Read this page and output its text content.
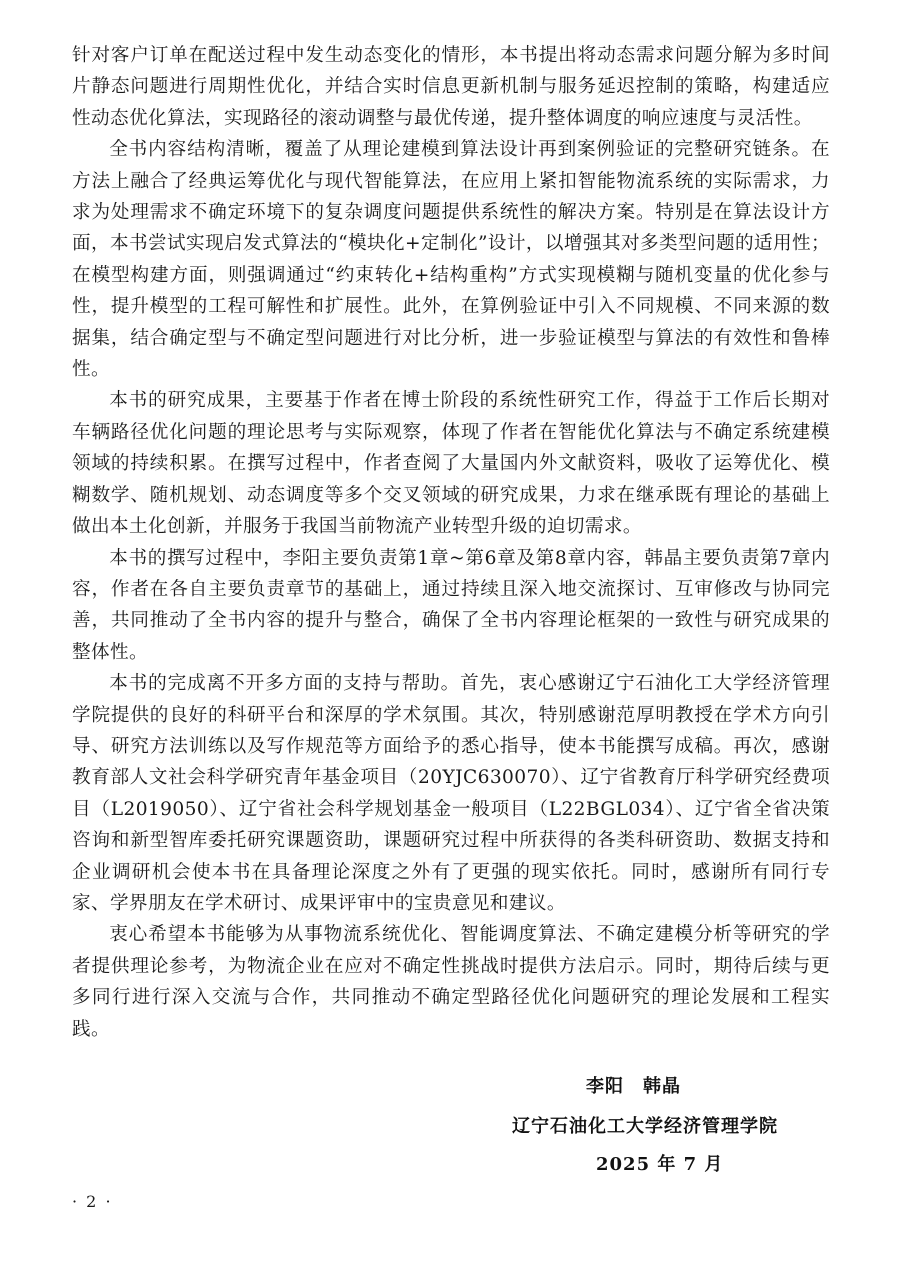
针对客户订单在配送过程中发生动态变化的情形，本书提出将动态需求问题分解为多时间片静态问题进行周期性优化，并结合实时信息更新机制与服务延迟控制的策略，构建适应性动态优化算法，实现路径的滚动调整与最优传递，提升整体调度的响应速度与灵活性。

全书内容结构清晰，覆盖了从理论建模到算法设计再到案例验证的完整研究链条。在方法上融合了经典运筹优化与现代智能算法，在应用上紧扣智能物流系统的实际需求，力求为处理需求不确定环境下的复杂调度问题提供系统性的解决方案。特别是在算法设计方面，本书尝试实现启发式算法的“模块化+定制化”设计，以增强其对多类型问题的适用性；在模型构建方面，则强调通过“约束转化+结构重构”方式实现模糊与随机变量的优化参与性，提升模型的工程可解性和扩展性。此外，在算例验证中引入不同规模、不同来源的数据集，结合确定型与不确定型问题进行对比分析，进一步验证模型与算法的有效性和鲁棒性。

本书的研究成果，主要基于作者在博士阶段的系统性研究工作，得益于工作后长期对车辆路径优化问题的理论思考与实际观察，体现了作者在智能优化算法与不确定系统建模领域的持续积累。在撰写过程中，作者查阅了大量国内外文献资料，吸收了运筹优化、模糊数学、随机规划、动态调度等多个交叉领域的研究成果，力求在继承既有理论的基础上做出本土化创新，并服务于我国当前物流产业转型升级的迫切需求。

本书的撰写过程中，李阳主要负责第1章~第6章及第8章内容，韩晶主要负责第7章内容，作者在各自主要负责章节的基础上，通过持续且深入地交流探讨、互审修改与协同完善，共同推动了全书内容的提升与整合，确保了全书内容理论框架的一致性与研究成果的整体性。

本书的完成离不开多方面的支持与帮助。首先，衷心感谢辽宁石油化工大学经济管理学院提供的良好的科研平台和深厚的学术氛围。其次，特别感谢范厚明教授在学术方向引导、研究方法训练以及写作规范等方面给予的悉心指导，使本书能撰写成稿。再次，感谢教育部人文社会科学研究青年基金项目（20YJC630070）、辽宁省教育厅科学研究经费项目（L2019050）、辽宁省社会科学规划基金一般项目（L22BGL034）、辽宁省全省决策咨询和新型智库委托研究课题资助，课题研究过程中所获得的各类科研资助、数据支持和企业调研机会使本书在具备理论深度之外有了更强的现实依托。同时，感谢所有同行专家、学界朋友在学术研讨、成果评审中的宝贵意见和建议。

衷心希望本书能够为从事物流系统优化、智能调度算法、不确定建模分析等研究的学者提供理论参考，为物流企业在应对不确定性挑战时提供方法启示。同时，期待后续与更多同行进行深入交流与合作，共同推动不确定型路径优化问题研究的理论发展和工程实践。

李阳　韩晶
辽宁石油化工大学经济管理学院
2025 年 7 月
· 2 ·
